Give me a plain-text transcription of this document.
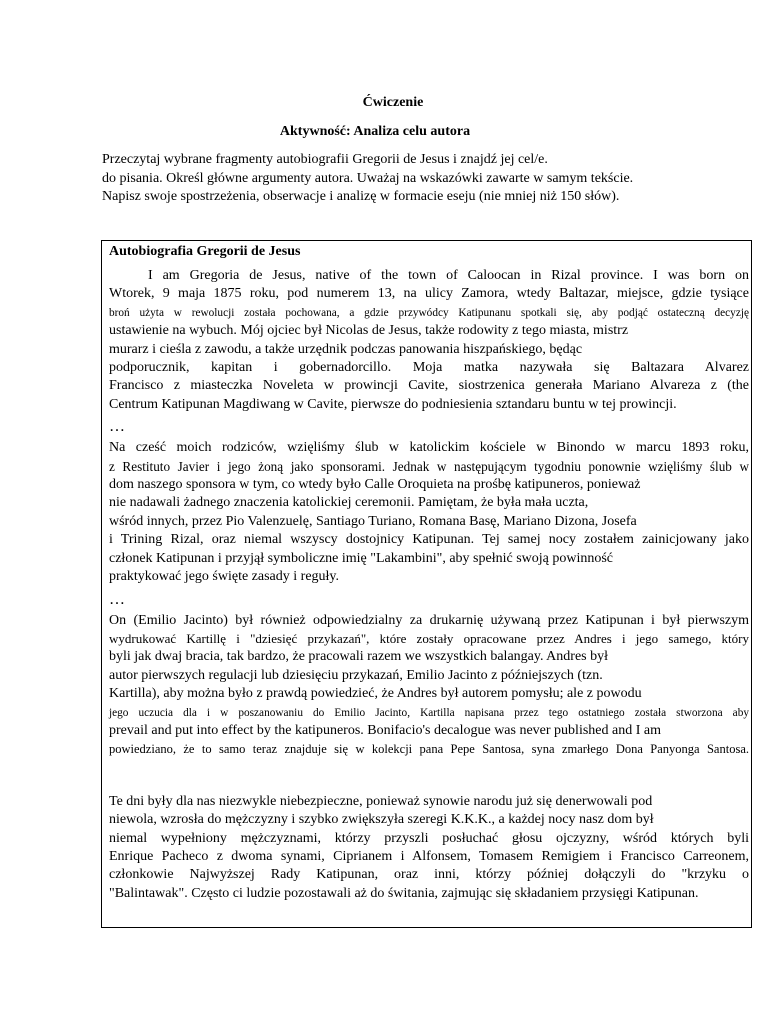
Ćwiczenie
Aktywność: Analiza celu autora
Przeczytaj wybrane fragmenty autobiografii Gregorii de Jesus i znajdź jej cel/e.
do pisania. Określ główne argumenty autora. Uważaj na wskazówki zawarte w samym tekście.
Napisz swoje spostrzeżenia, obserwacje i analizę w formacie eseju (nie mniej niż 150 słów).
Autobiografia Gregorii de Jesus
I am Gregoria de Jesus, native of the town of Caloocan in Rizal province. I was born on
Wtorek, 9 maja 1875 roku, pod numerem 13, na ulicy Zamora, wtedy Baltazar, miejsce, gdzie tysiące
broń użyta w rewolucji została pochowana, a gdzie przywódcy Katipunanu spotkali się, aby podjąć ostateczną decyzję
ustawienie na wybuch. Mój ojciec był Nicolas de Jesus, także rodowity z tego miasta, mistrz
murarz i cieśla z zawodu, a także urzędnik podczas panowania hiszpańskiego, będąc
podporucznik, kapitan i gobernadorcillo. Moja matka nazywała się Baltazara Alvarez
Francisco z miasteczka Noveleta w prowincji Cavite, siostrzenica generała Mariano Alvareza z (the
Centrum Katipunan Magdiwang w Cavite, pierwsze do podniesienia sztandaru buntu w tej prowincji.
…
Na cześć moich rodziców, wzięliśmy ślub w katolickim kościele w Binondo w marcu 1893 roku,
z Restituto Javier i jego żoną jako sponsorami. Jednak w następującym tygodniu ponownie wzięliśmy ślub w
dom naszego sponsora w tym, co wtedy było Calle Oroquieta na prośbę katipuneros, ponieważ
nie nadawali żadnego znaczenia katolickiej ceremonii. Pamiętam, że była mała uczta,
wśród innych, przez Pio Valenzuelę, Santiago Turiano, Romana Basę, Mariano Dizona, Josefa
i Trining Rizal, oraz niemal wszyscy dostojnicy Katipunan. Tej samej nocy zostałem zainicjowany jako
członek Katipunan i przyjął symboliczne imię "Lakambini", aby spełnić swoją powinność
praktykować jego święte zasady i reguły.
…
On (Emilio Jacinto) był również odpowiedzialny za drukarnię używaną przez Katipunan i był pierwszym
wydrukować Kartillę i "dziesięć przykazań", które zostały opracowane przez Andres i jego samego, który
byli jak dwaj bracia, tak bardzo, że pracowali razem we wszystkich balangay. Andres był
autor pierwszych regulacji lub dziesięciu przykazań, Emilio Jacinto z późniejszych (tzn.
Kartilla), aby można było z prawdą powiedzieć, że Andres był autorem pomysłu; ale z powodu
jego uczucia dla i w poszanowaniu do Emilio Jacinto, Kartilla napisana przez tego ostatniego została stworzona aby
prevail and put into effect by the katipuneros. Bonifacio's decalogue was never published and I am
powiedziano, że to samo teraz znajduje się w kolekcji pana Pepe Santosa, syna zmarłego Dona Panyonga Santosa.
Te dni były dla nas niezwykle niebezpieczne, ponieważ synowie narodu już się denerwowali pod
niewola, wzrosła do mężczyzny i szybko zwiększyła szeregi K.K.K., a każdej nocy nasz dom był
niemal wypełniony mężczyznami, którzy przyszli posłuchać głosu ojczyzny, wśród których byli
Enrique Pacheco z dwoma synami, Ciprianem i Alfonsem, Tomasem Remigiem i Francisco Carreonem,
członkowie Najwyższej Rady Katipunan, oraz inni, którzy później dołączyli do "krzyku o
"Balintawak". Często ci ludzie pozostawali aż do świtania, zajmując się składaniem przysięgi Katipunan.
